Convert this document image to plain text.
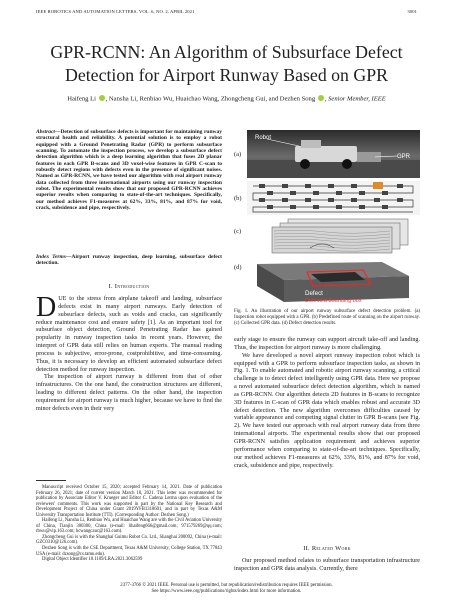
IEEE ROBOTICS AND AUTOMATION LETTERS, VOL. 6, NO. 2, APRIL 2021	3001
GPR-RCNN: An Algorithm of Subsurface Defect Detection for Airport Runway Based on GPR
Haifeng Li , Nansha Li, Renbiao Wu, Huaichao Wang, Zhongcheng Gui, and Dezhen Song , Senior Member, IEEE
Abstract—Detection of subsurface defects is important for maintaining runway structural health and reliability. A potential solution is to employ a robot equipped with a Ground Penetrating Radar (GPR) to perform subsurface scanning. To automate the inspection process, we develop a subsurface defect detection algorithm which is a deep learning algorithm that fuses 2D planar features in each GPR B-scans and 3D voxel-wise features in GPR C-scan to robustly detect regions with defects even in the presence of significant noises. Named as GPR-RCNN, we have tested our algorithm with real airport runway data collected from three international airports using our runway inspection robot. The experimental results show that our proposed GPR-RCNN achieves superior results when comparing to state-of-the-art techniques. Specifically, our method achieves F1-measures at 62%, 33%, 81%, and 87% for void, crack, subsidence and pipe, respectively.
Index Terms—Airport runway inspection, deep learning, subsurface defect detection.
I. Introduction

DUE to the stress from airplane takeoff and landing, subsurface defects exist in many airport runways. Early detection of subsurface defects, such as voids and cracks, can significantly reduce maintenance cost and ensure safety [1]. As an important tool for subsurface object detection, Ground Penetrating Radar has gained popularity in runway inspection tasks in recent years. However, the interpret of GPR data still relies on human experts. The manual reading process is subjective, error-prone, costprohibitive, and time-consuming. Thus, it is necessary to develop an efficient automated subsurface defect detection method for runway inspection.

The inspection of airport runway is different from that of other infrastructures. On the one hand, the construction structures are different, leading to different defect patterns. On the other hand, the inspection requirement for airport runway is much higher, because we have to find the minor defects even in their very

Manuscript received October 15, 2020; accepted February 14, 2021. Date of publication February 26, 2021; date of current version March 18, 2021. This letter was recommended for publication by Associate Editor V. Krueger and Editor C. Cadena Lerma upon evaluation of the reviewers' comments. This work was supported in part by the National Key Research and Development Project of China under Grant 2019YFB1310601, and in part by Texas A&M University Transportation Institute (TTI). (Corresponding Author: Dezhen Song.)

Haifeng Li, Nansha Li, Renbiao Wu, and Huaichao Wang are with the Civil Aviation University of China, Tianjin 300300, China (e-mail: lihaifeng666@gmail.com; 971579269@qq.com; rbwu@vip.163.com; hcwangcauc@163.com).

Zhongcheng Gui is with the Shanghai Guimu Robot Co. Ltd., Shanghai 200092, China (e-mail: GZC0310@126.com).

Dezhen Song is with the CSE Department, Texas A&M University, College Station, TX 77843 USA (e-mail: dzsong@cs.tamu.edu).

Digital Object Identifier 10.1109/LRA.2021.3062599

(a)
(b)
(c)
(d)
Robot
GPR
Defect
Detected bounding box
Fig. 1. An illustration of our airport runway subsurface defect detection problem. (a) Inspection robot equipped with a GPR. (b) Predefined route of scanning on the airport runway. (c) Collected GPR data. (d) Defect detection results.

early stage to ensure the runway can support aircraft take-off and landing. Thus, the inspection for airport runway is more challenging.

We have developed a novel airport runway inspection robot which is equipped with a GPR to perform subsurface inspection tasks, as shown in Fig. 1. To enable automated and robotic airport runway scanning, a critical challenge is to detect defect intelligently using GPR data. Here we propose a novel automated subsurface defect detection algorithm, which is named as GPR-RCNN. Our algorithm detects 2D features in B-scans to recognize 3D features in C-scan of GPR data which enables robust and accurate 3D defect detection. The new algorithm overcomes difficulties caused by variable appearance and competing signal clutter in GPR B-scans (see Fig. 2). We have tested our approach with real airport runway data from three international airports. The experimental results show that our proposed GPR-RCNN satisfies application requirement and achieves superior performance when comparing to state-of-the-art techniques. Specifically, our method achieves F1-measures at 62%, 33%, 81%, and 87% for void, crack, subsidence and pipe, respectively.

II. Related Work

Our proposed method relates to subsurface transportation infrastructure inspection and GPR data analysis. Currently, there

2377-3766 © 2021 IEEE. Personal use is permitted, but republication/redistribution requires IEEE permission.
See https://www.ieee.org/publications/rights/index.html for more information.
